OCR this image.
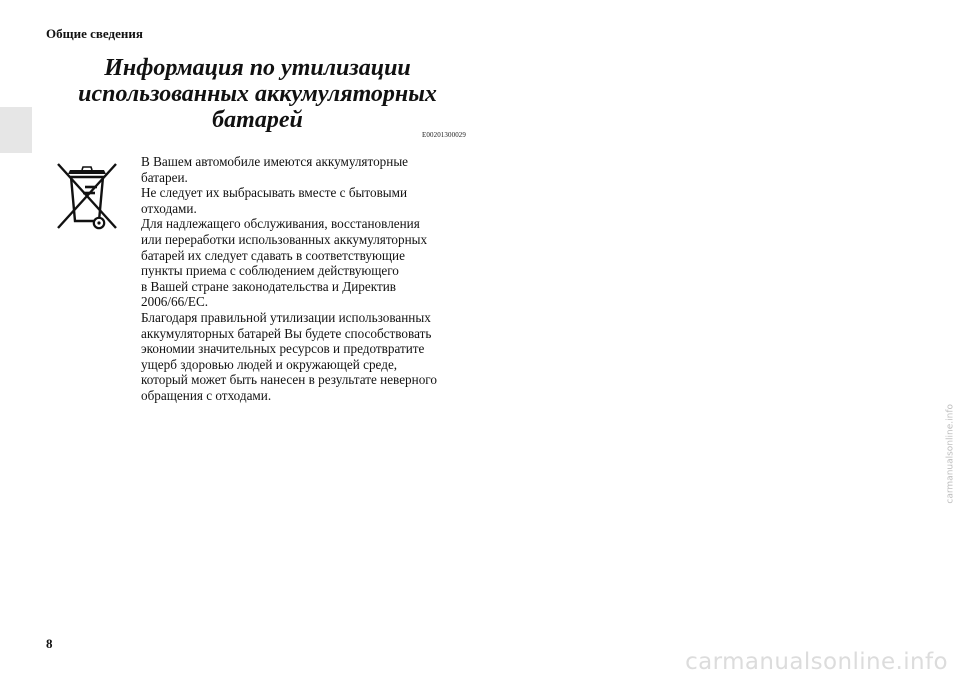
Общие сведения
Информация по утилизации
использованных аккумуляторных
батарей
E00201300029

В Вашем автомобиле имеются аккумуляторные

батареи.

Не следует их выбрасывать вместе с бытовыми

отходами.

Для надлежащего обслуживания, восстановления

или переработки использованных аккумуляторных

батарей их следует сдавать в соответствующие

пункты приема с соблюдением действующего

в Вашей стране законодательства и Директив

2006/66/EC.

Благодаря правильной утилизации использованных

аккумуляторных батарей Вы будете способствовать

экономии значительных ресурсов и предотвратите

ущерб здоровью людей и окружающей среде,

который может быть нанесен в результате неверного

обращения с отходами.

8
carmanualsonline.info
carmanualsonline.info
